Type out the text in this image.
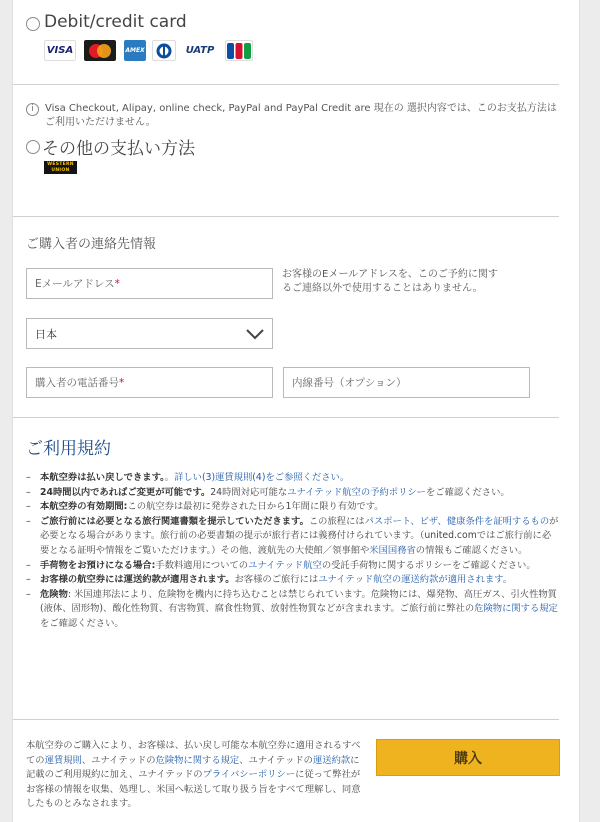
Debit/credit card
VISA	AMEX	UATP
i	Visa Checkout, Alipay, online check, PayPal and PayPal Credit are 現在の 選択内容では、このお支払方法はご利用いただけません。
その他の支払い方法
WESTERN UNION
ご購入者の連絡先情報
Eメールアドレス *
お客様のEメールアドレスを、このご予約に関するご連絡以外で使用することはありません。
日本
購入者の電話番号 *	内線番号（オプション）
ご利用規約
– 本航空券は払い戻しできます。。詳しい(3)運賃規則(4)をご参照ください。
– 24時間以内であればご変更が可能です。24時間対応可能なユナイテッド航空の予約ポリシーをご確認ください。
– 本航空券の有効期間:この航空券は最初に発券された日から1年間に限り有効です。
– ご旅行前には必要となる旅行関連書類を提示していただきます。この旅程にはパスポート、ビザ、健康条件を証明するものが必要となる場合があります。旅行前の必要書類の提示が旅行者には義務付けられています。（united.comではご旅行前に必要となる証明や情報をご覧いただけます。）その他、渡航先の大使館／領事館や米国国務省の情報もご確認ください。
– 手荷物をお預けになる場合:手数料適用についてのユナイテッド航空の受託手荷物に関するポリシーをご確認ください。
– お客様の航空券には運送約款が適用されます。お客様のご旅行にはユナイテッド航空の運送約款が適用されます。
– 危険物: 米国連邦法により、危険物を機内に持ち込むことは禁じられています。危険物には、爆発物、高圧ガス、引火性物質(液体、固形物)、酸化性物質、有害物質、腐食性物質、放射性物質などが含まれます。ご旅行前に弊社の危険物に関する規定をご確認ください。
本航空券のご購入により、お客様は、払い戻し可能な本航空券に適用されるすべての運賃規則、ユナイテッドの危険物に関する規定、ユナイテッドの運送約款に記載のご利用規約に加え、ユナイテッドのプライバシーポリシーに従って弊社がお客様の情報を収集、処理し、米国へ転送して取り扱う旨をすべて理解し、同意したものとみなされます。
購入
